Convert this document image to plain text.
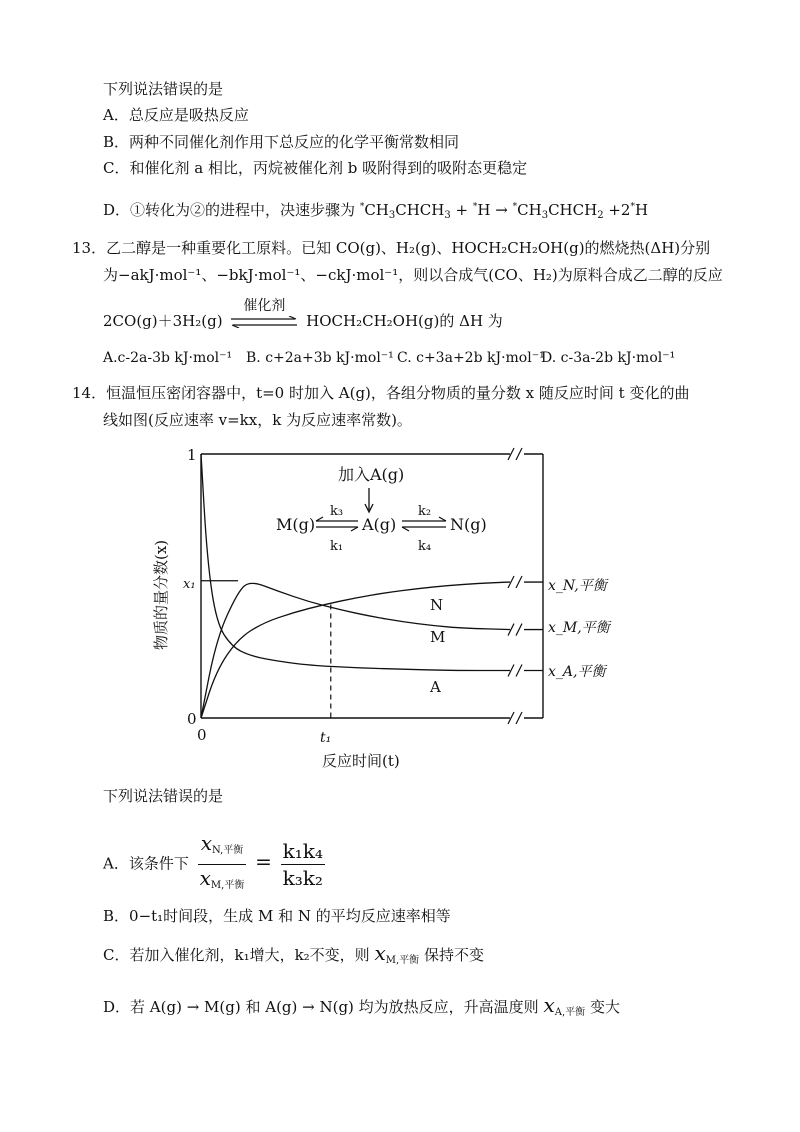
下列说法错误的是
A．总反应是吸热反应
B．两种不同催化剂作用下总反应的化学平衡常数相同
C．和催化剂 a 相比，丙烷被催化剂 b 吸附得到的吸附态更稳定
D．①转化为②的进程中，决速步骤为 $^*CH_3CHCH_3 + ^*H$ → $^*CH_3CHCH_2 +2^*H$
13．乙二醇是一种重要化工原料。已知 CO(g)、H₂(g)、HOCH₂CH₂OH(g)的燃烧热(ΔH)分别
为−akJ·mol⁻¹、−bkJ·mol⁻¹、−ckJ·mol⁻¹，则以合成气(CO、H₂)为原料合成乙二醇的反应
2CO(g)＋3H₂(g)
催化剂
HOCH₂CH₂OH(g)的 ΔH 为
A.c-2a-3b kJ·mol⁻¹ B. c+2a+3b kJ·mol⁻¹ C. c+3a+2b kJ·mol⁻¹
D. c-3a-2b kJ·mol⁻¹
14．恒温恒压密闭容器中，t=0 时加入 A(g)，各组分物质的量分数 x 随反应时间 t 变化的曲
线如图(反应速率 v=kx，k 为反应速率常数)。
物质的量分数(x)
1
x₁
0
0	t₁
反应时间(t)
加入A(g)
M(g)	A(g)	N(g)
k₃
k₁
k₂
k₄
N
M
A
x_N,平衡
x_M,平衡
x_A,平衡
下列说法错误的是
A．该条件下 $\frac{x_{N,平衡}}{x_{M,平衡}} = \frac{\text{k₁k₄}}{\text{k₃k₂}}$
B．0−t₁时间段，生成 M 和 N 的平均反应速率相等
C．若加入催化剂，k₁增大，k₂不变，则 $x_{M,平衡}$ 保持不变
D．若 A(g) → M(g) 和 A(g) → N(g) 均为放热反应，升高温度则 $x_{A,平衡}$ 变大
